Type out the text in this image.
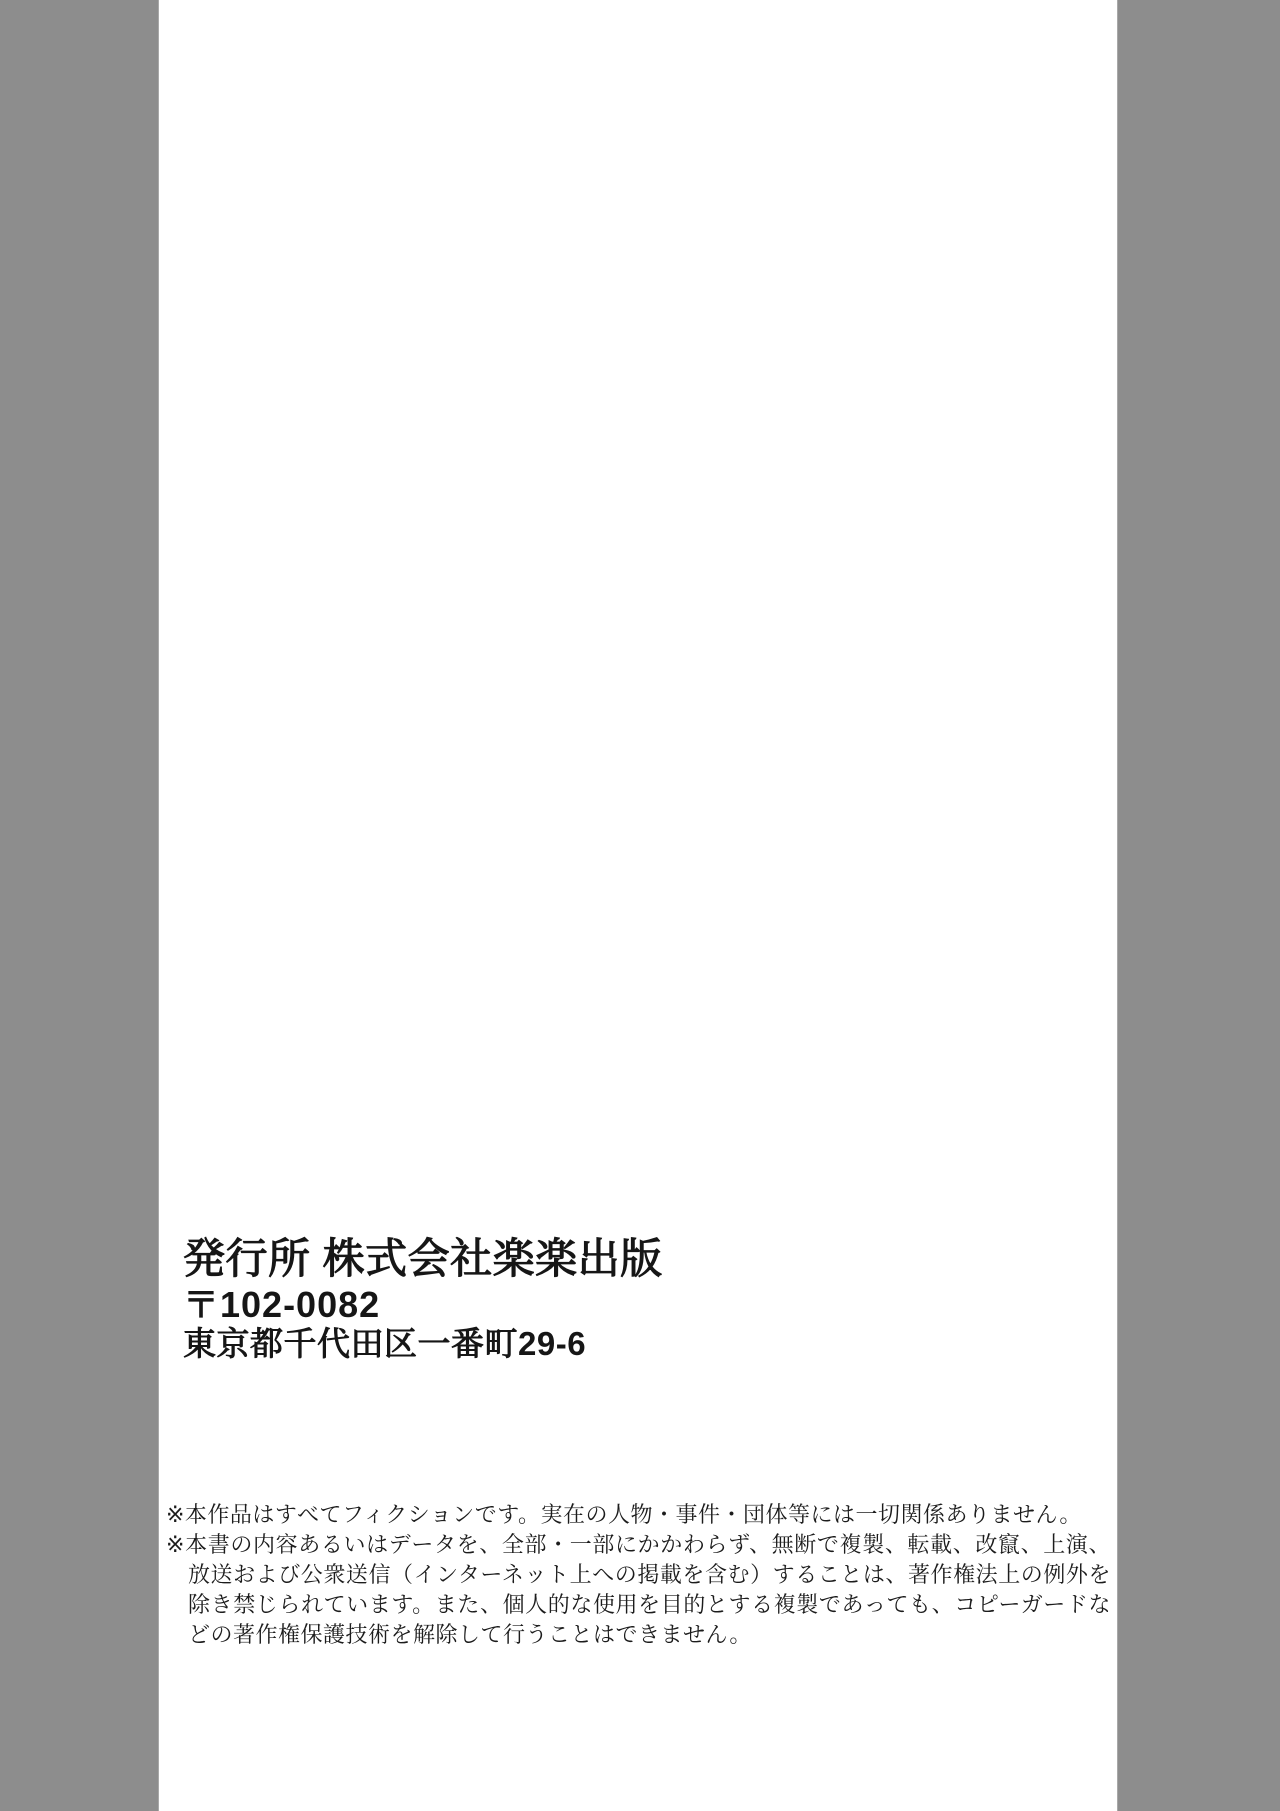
発行所 株式会社楽楽出版
〒102-0082
東京都千代田区一番町29-6
※本作品はすべてフィクションです。実在の人物・事件・団体等には一切関係ありません。
※本書の内容あるいはデータを、全部・一部にかかわらず、無断で複製、転載、改竄、上演、
放送および公衆送信（インターネット上への掲載を含む）することは、著作権法上の例外を
除き禁じられています。また、個人的な使用を目的とする複製であっても、コピーガードな
どの著作権保護技術を解除して行うことはできません。
